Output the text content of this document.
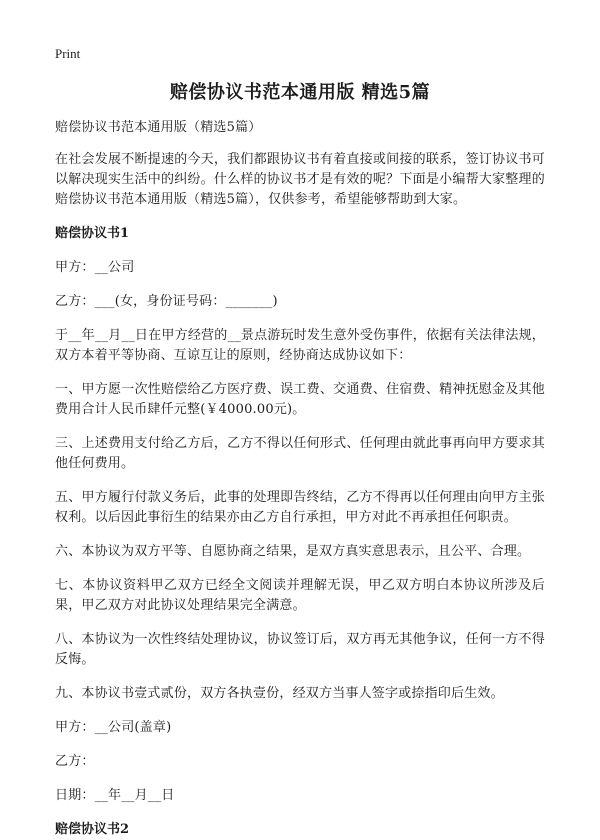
Print
赔偿协议书范本通用版 精选5篇
赔偿协议书范本通用版（精选5篇）
在社会发展不断提速的今天，我们都跟协议书有着直接或间接的联系，签订协议书可以解决现实生活中的纠纷。什么样的协议书才是有效的呢？下面是小编帮大家整理的赔偿协议书范本通用版（精选5篇），仅供参考，希望能够帮助到大家。
赔偿协议书1
甲方：__公司
乙方：___(女，身份证号码：_______)
于__年__月__日在甲方经营的__景点游玩时发生意外受伤事件，依据有关法律法规，双方本着平等协商、互谅互让的原则，经协商达成协议如下：
一、甲方愿一次性赔偿给乙方医疗费、误工费、交通费、住宿费、精神抚慰金及其他费用合计人民币肆仟元整(￥4000.00元)。
三、上述费用支付给乙方后，乙方不得以任何形式、任何理由就此事再向甲方要求其他任何费用。
五、甲方履行付款义务后，此事的处理即告终结，乙方不得再以任何理由向甲方主张权利。以后因此事衍生的结果亦由乙方自行承担，甲方对此不再承担任何职责。
六、本协议为双方平等、自愿协商之结果，是双方真实意思表示，且公平、合理。
七、本协议资料甲乙双方已经全文阅读并理解无误，甲乙双方明白本协议所涉及后果，甲乙双方对此协议处理结果完全满意。
八、本协议为一次性终结处理协议，协议签订后，双方再无其他争议，任何一方不得反悔。
九、本协议书壹式贰份，双方各执壹份，经双方当事人签字或捺指印后生效。
甲方：__公司(盖章)
乙方：
日期：__年__月__日
赔偿协议书2
